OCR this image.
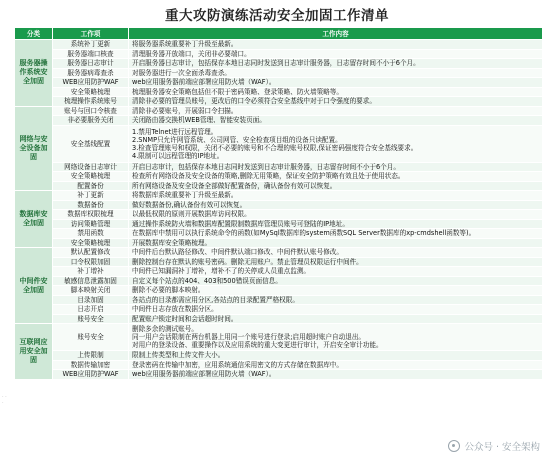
重大攻防演练活动安全加固工作清单
分类	工作项	工作内容
服务器操作系统安全加固	系统补丁更新	将服务器系统重要补丁升级至最新。
	服务器端口核查	清理服务器开放端口，关闭非必要端口。
	服务器日志审计	开启服务器日志审计，包括保存本地日志同时发送到日志审计服务器，日志留存时间不小于6个月。
	服务器病毒查杀	对服务器进行一次全面杀毒查杀。
	WEB应用防护WAF	web应用服务器前端应部署应用防火墙（WAF）。
	安全策略梳理	梳理服务器安全策略包括但不限于密码策略、登录策略、防火墙策略等。
	梳理操作系统账号	清除非必要的管理员账号，更改后的口令必须符合安全基线中对于口令强度的要求。
网络与安全设备加固	账号与回口令核查	清除非必要账号，开展弱口令扫描。
	非必要服务关闭	关闭路由器交换机WEB管理、智能安装页面。
	安全基线配置	1.禁用Telnet进行远程管理。
2.SNMP只允许网管系统、公司网管、安全检查项目组的设备只读配置。
3.检查管理账号和权限，关闭不必要的账号和不合理的账号权限,保证密码强度符合安全基线要求。
4.限制可以远程管理的IP地址。
	网络设备日志审计	开启日志审计，包括保存本地日志同时发送到日志审计服务器，日志留存时间不小于6个月。
	安全策略梳理	检查所有网络设备及安全设备的策略,删除无用策略，保证安全防护策略有效且处于使用状态。
	配置备份	所有网络设备及安全设备全部做好配置备份，确认备份有效可以恢复。
数据库安全加固	补丁更新	将数据库系统重要补丁升级至最新。
	数据备份	做好数据备份,确认备份有效可以恢复。
	数据库权限梳理	以最低权限的原则开展数据库访问权限。
	访问策略管理	通过操作系统防火墙和数据库配置限制数据库管理员账号可登陆的IP地址。
	禁用函数	在数据库中禁用可以执行系统命令的函数(如MySql数据库的system函数SQL Server数据库的xp-cmdshell函数等)。
	安全策略梳理	开展数据库安全策略梳理。
中间件安全加固	默认配置修改	中间件后台默认路径修改、中间件默认端口修改、中间件默认账号修改。
	口令权限加固	删除控制台存在默认的账号密码。删除无用账户。禁止管理员权限运行中间件。
	补丁增补	中间件已知漏洞补丁增补，增补不了的关停或人员重点监测。
	敏感信息泄露加固	自定义每个站点的404、403和500错误页面信息。
	脚本映射关闭	删除不必要的脚本映射。
	目录加固	各站点的目录都需应用分区,各站点的目录配置严格权限。
	日志开启	中间件日志存放在数据分区。
	账号安全	配置账户锁定时间和会话超时时间。
互联网应用安全加固	账号安全	删除多余的测试账号。
同一用户会话限制在两台机器上用同一个账号进行登录;启用超时账户自动退出。
对用户的登录设备、重要操作以及应用系统的重大变更进行审计，开启安全审计功能。
	上传限制	限制上传类型和上传文件大小。
	数据传输加密	登录密码在传输中加密，应用系统通信采用密文的方式存储在数据库中。
	WEB应用防护WAF	web应用服务器前端应部署应用防火墙（WAF）。
· · ·
公众号 · 安全架构
